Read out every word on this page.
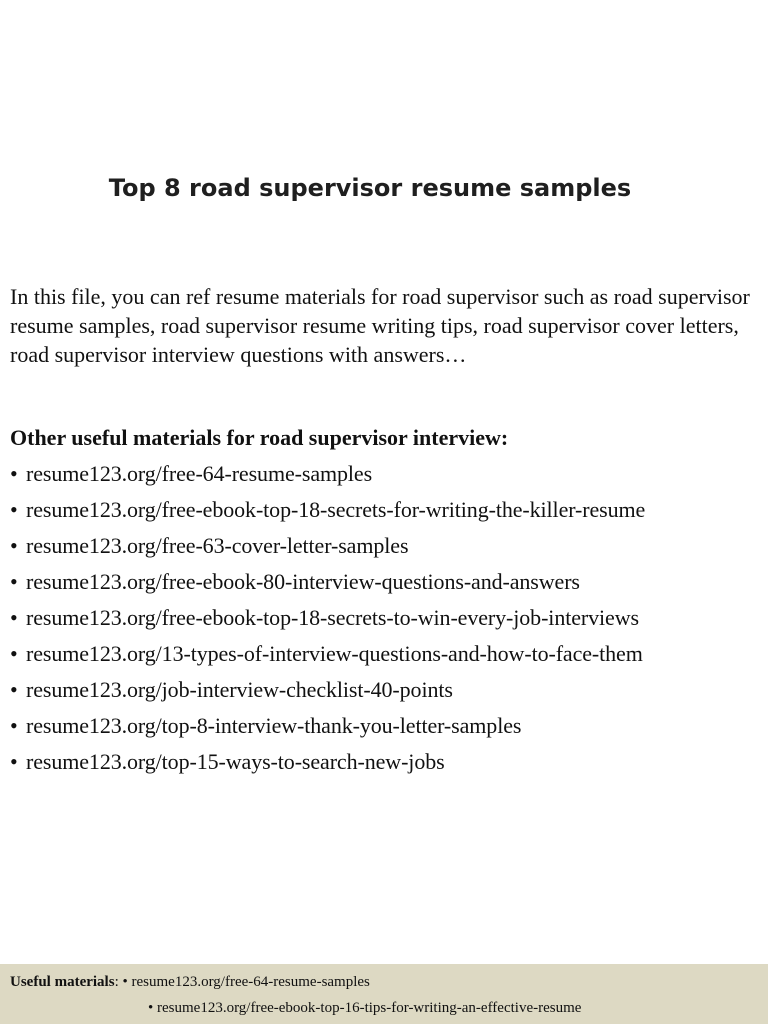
Top 8 road supervisor resume samples

In this file, you can ref resume materials for road supervisor such as road supervisor resume samples, road supervisor resume writing tips, road supervisor cover letters, road supervisor interview questions with answers…

Other useful materials for road supervisor interview:

• resume123.org/free-64-resume-samples
• resume123.org/free-ebook-top-18-secrets-for-writing-the-killer-resume
• resume123.org/free-63-cover-letter-samples
• resume123.org/free-ebook-80-interview-questions-and-answers
• resume123.org/free-ebook-top-18-secrets-to-win-every-job-interviews
• resume123.org/13-types-of-interview-questions-and-how-to-face-them
• resume123.org/job-interview-checklist-40-points
• resume123.org/top-8-interview-thank-you-letter-samples
• resume123.org/top-15-ways-to-search-new-jobs
Useful materials: • resume123.org/free-64-resume-samples
• resume123.org/free-ebook-top-16-tips-for-writing-an-effective-resume
